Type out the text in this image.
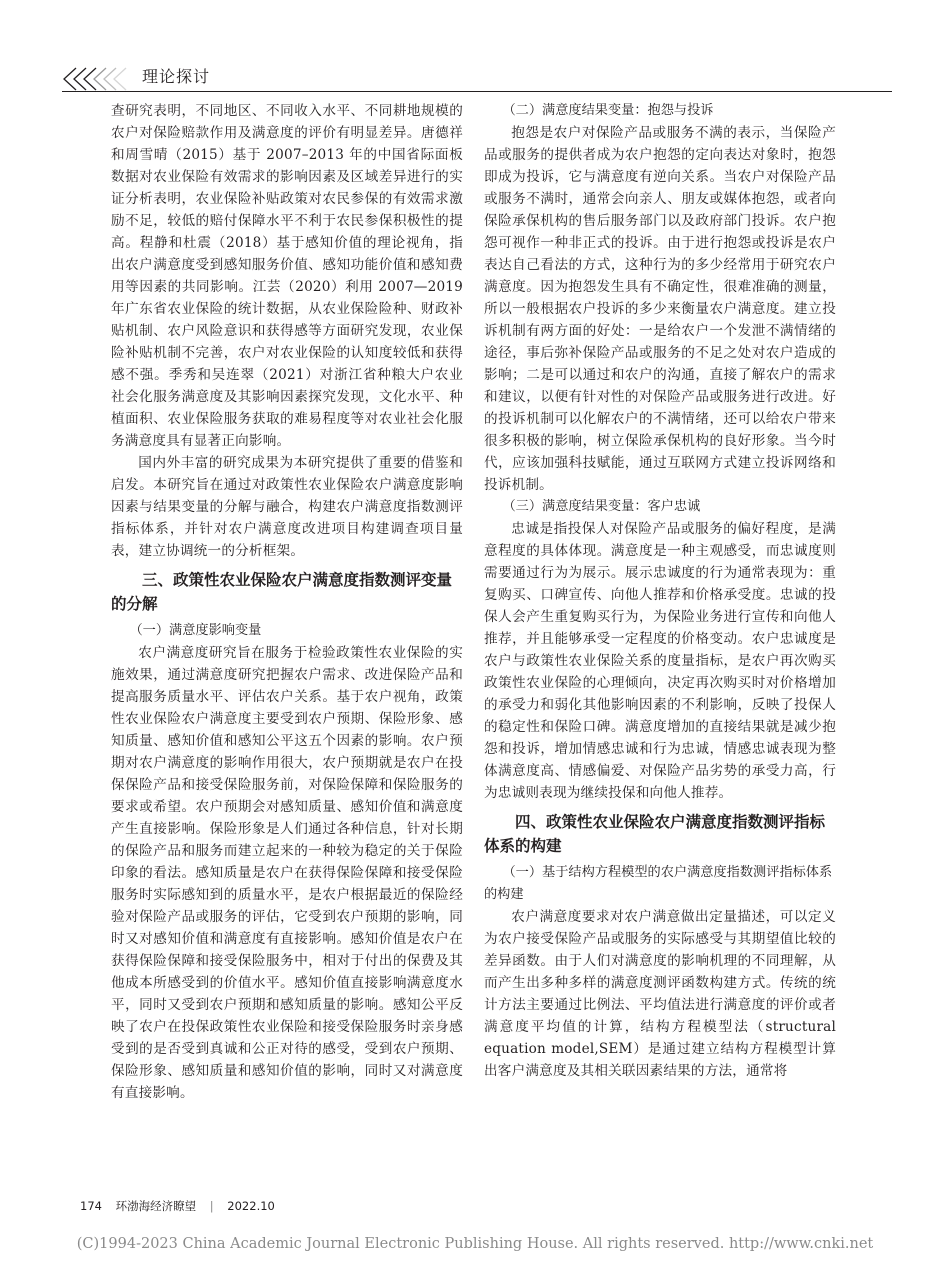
理论探讨

查研究表明，不同地区、不同收入水平、不同耕地规模的农户对保险赔款作用及满意度的评价有明显差异。唐德祥和周雪晴（2015）基于 2007–2013 年的中国省际面板数据对农业保险有效需求的影响因素及区域差异进行的实证分析表明，农业保险补贴政策对农民参保的有效需求激励不足，较低的赔付保障水平不利于农民参保积极性的提高。程静和杜震（2018）基于感知价值的理论视角，指出农户满意度受到感知服务价值、感知功能价值和感知费用等因素的共同影响。江芸（2020）利用 2007—2019 年广东省农业保险的统计数据，从农业保险险种、财政补贴机制、农户风险意识和获得感等方面研究发现，农业保险补贴机制不完善，农户对农业保险的认知度较低和获得感不强。季秀和吴连翠（2021）对浙江省种粮大户农业社会化服务满意度及其影响因素探究发现，文化水平、种植面积、农业保险服务获取的难易程度等对农业社会化服务满意度具有显著正向影响。

国内外丰富的研究成果为本研究提供了重要的借鉴和启发。本研究旨在通过对政策性农业保险农户满意度影响因素与结果变量的分解与融合，构建农户满意度指数测评指标体系，并针对农户满意度改进项目构建调查项目量表，建立协调统一的分析框架。

三、政策性农业保险农户满意度指数测评变量的分解
（一）满意度影响变量

农户满意度研究旨在服务于检验政策性农业保险的实施效果，通过满意度研究把握农户需求、改进保险产品和提高服务质量水平、评估农户关系。基于农户视角，政策性农业保险农户满意度主要受到农户预期、保险形象、感知质量、感知价值和感知公平这五个因素的影响。农户预期对农户满意度的影响作用很大，农户预期就是农户在投保保险产品和接受保险服务前，对保险保障和保险服务的要求或希望。农户预期会对感知质量、感知价值和满意度产生直接影响。保险形象是人们通过各种信息，针对长期的保险产品和服务而建立起来的一种较为稳定的关于保险印象的看法。感知质量是农户在获得保险保障和接受保险服务时实际感知到的质量水平，是农户根据最近的保险经验对保险产品或服务的评估，它受到农户预期的影响，同时又对感知价值和满意度有直接影响。感知价值是农户在获得保险保障和接受保险服务中，相对于付出的保费及其他成本所感受到的价值水平。感知价值直接影响满意度水平，同时又受到农户预期和感知质量的影响。感知公平反映了农户在投保政策性农业保险和接受保险服务时亲身感受到的是否受到真诚和公正对待的感受，受到农户预期、保险形象、感知质量和感知价值的影响，同时又对满意度有直接影响。

（二）满意度结果变量：抱怨与投诉

抱怨是农户对保险产品或服务不满的表示，当保险产品或服务的提供者成为农户抱怨的定向表达对象时，抱怨即成为投诉，它与满意度有逆向关系。当农户对保险产品或服务不满时，通常会向亲人、朋友或媒体抱怨，或者向保险承保机构的售后服务部门以及政府部门投诉。农户抱怨可视作一种非正式的投诉。由于进行抱怨或投诉是农户表达自己看法的方式，这种行为的多少经常用于研究农户满意度。因为抱怨发生具有不确定性，很难准确的测量，所以一般根据农户投诉的多少来衡量农户满意度。建立投诉机制有两方面的好处：一是给农户一个发泄不满情绪的途径，事后弥补保险产品或服务的不足之处对农户造成的影响；二是可以通过和农户的沟通，直接了解农户的需求和建议，以便有针对性的对保险产品或服务进行改进。好的投诉机制可以化解农户的不满情绪，还可以给农户带来很多积极的影响，树立保险承保机构的良好形象。当今时代，应该加强科技赋能，通过互联网方式建立投诉网络和投诉机制。

（三）满意度结果变量：客户忠诚

忠诚是指投保人对保险产品或服务的偏好程度，是满意程度的具体体现。满意度是一种主观感受，而忠诚度则需要通过行为为展示。展示忠诚度的行为通常表现为：重复购买、口碑宣传、向他人推荐和价格承受度。忠诚的投保人会产生重复购买行为，为保险业务进行宣传和向他人推荐，并且能够承受一定程度的价格变动。农户忠诚度是农户与政策性农业保险关系的度量指标，是农户再次购买政策性农业保险的心理倾向，决定再次购买时对价格增加的承受力和弱化其他影响因素的不利影响，反映了投保人的稳定性和保险口碑。满意度增加的直接结果就是减少抱怨和投诉，增加情感忠诚和行为忠诚，情感忠诚表现为整体满意度高、情感偏爱、对保险产品劣势的承受力高，行为忠诚则表现为继续投保和向他人推荐。

四、政策性农业保险农户满意度指数测评指标体系的构建
（一）基于结构方程模型的农户满意度指数测评指标体系的构建

农户满意度要求对农户满意做出定量描述，可以定义为农户接受保险产品或服务的实际感受与其期望值比较的差异函数。由于人们对满意度的影响机理的不同理解，从而产生出多种多样的满意度测评函数构建方式。传统的统计方法主要通过比例法、平均值法进行满意度的评价或者满意度平均值的计算，结构方程模型法（structural equation model,SEM）是通过建立结构方程模型计算出客户满意度及其相关联因素结果的方法，通常将

174 环渤海经济瞭望 | 2022.10
(C)1994-2023 China Academic Journal Electronic Publishing House. All rights reserved. http://www.cnki.net
